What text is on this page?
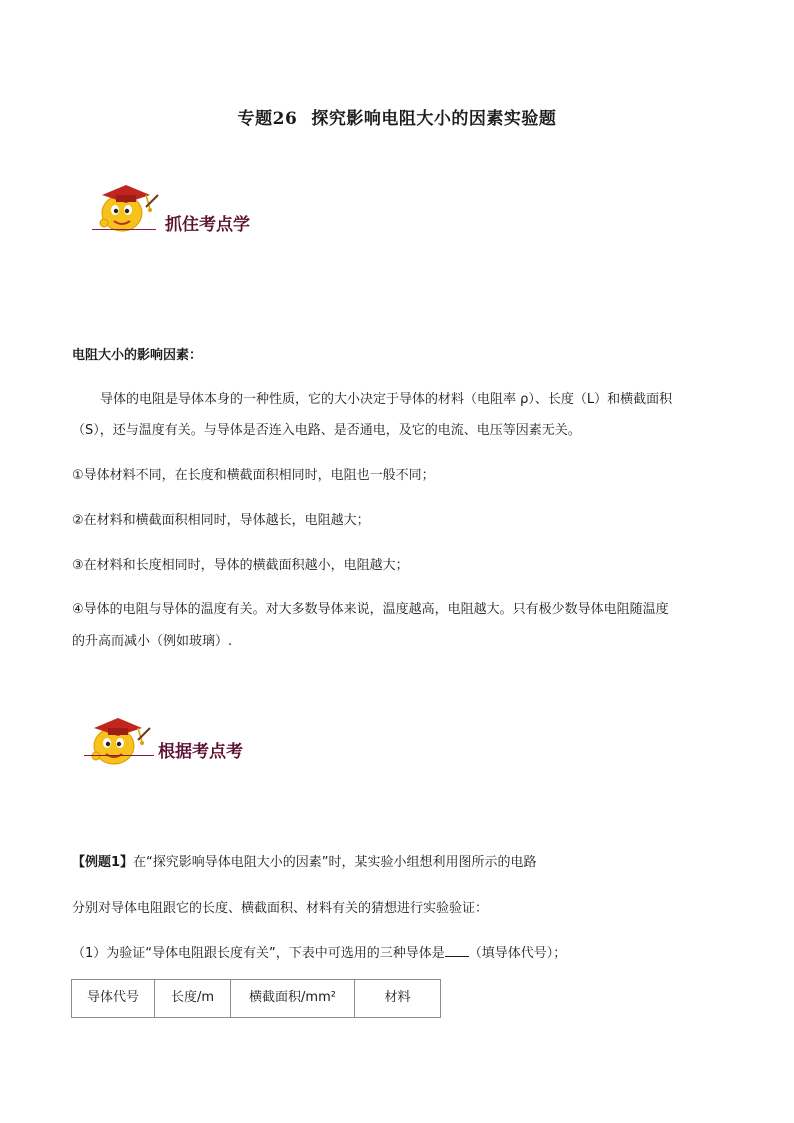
专题26 探究影响电阻大小的因素实验题
抓住考点学
电阻大小的影响因素：
导体的电阻是导体本身的一种性质，它的大小决定于导体的材料（电阻率 ρ）、长度（L）和横截面积
（S），还与温度有关。与导体是否连入电路、是否通电，及它的电流、电压等因素无关。
①导体材料不同，在长度和横截面积相同时，电阻也一般不同；
②在材料和横截面积相同时，导体越长，电阻越大；
③在材料和长度相同时，导体的横截面积越小，电阻越大；
④导体的电阻与导体的温度有关。对大多数导体来说，温度越高，电阻越大。只有极少数导体电阻随温度
的升高而减小（例如玻璃）.
根据考点考
【例题1】在“探究影响导体电阻大小的因素”时，某实验小组想利用图所示的电路
分别对导体电阻跟它的长度、横截面积、材料有关的猜想进行实验验证：
（1）为验证“导体电阻跟长度有关”，下表中可选用的三种导体是 （填导体代号）；
导体代号	长度/m	横截面积/mm²	材料
